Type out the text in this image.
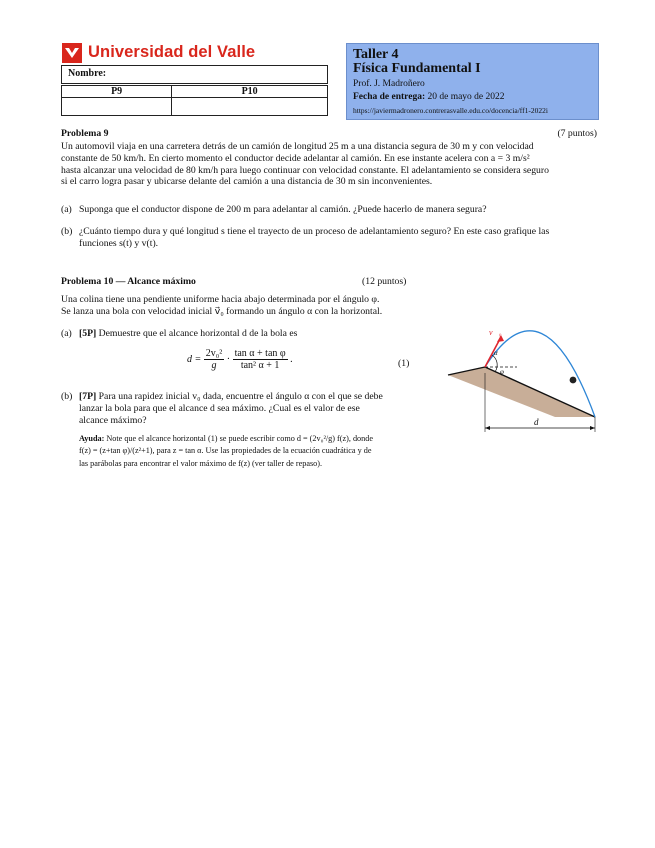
Universidad del Valle
Nombre:
P9	P10

Taller 4
Física Fundamental I
Prof. J. Madroñero
Fecha de entrega: 20 de mayo de 2022
https://javiermadronero.contrerasvalle.edu.co/docencia/ff1-2022i
Problema 9	(7 puntos)
Un automovil viaja en una carretera detrás de un camión de longitud 25 m a una distancia segura de 30 m y con velocidad
constante de 50 km/h. En cierto momento el conductor decide adelantar al camión. En ese instante acelera con a = 3 m/s²
hasta alcanzar una velocidad de 80 km/h para luego continuar con velocidad constante. El adelantamiento se considera seguro
si el carro logra pasar y ubicarse delante del camión a una distancia de 30 m sin inconvenientes.
(a) Suponga que el conductor dispone de 200 m para adelantar al camión. ¿Puede hacerlo de manera segura?
(b) ¿Cuánto tiempo dura y qué longitud s tiene el trayecto de un proceso de adelantamiento seguro? En este caso grafique las
funciones s(t) y v(t).
Problema 10 — Alcance máximo	(12 puntos)
Una colina tiene una pendiente uniforme hacia abajo determinada por el ángulo φ.
Se lanza una bola con velocidad inicial v⃗₀ formando un ángulo α con la horizontal.
(a) [5P] Demuestre que el alcance horizontal d de la bola es
$d = \frac{\text{2v₀²}}{g} \cdot \frac{\text{tan α + tan φ}}{\text{tan² α + 1}}$ .	(1)
(b) [7P] Para una rapidez inicial v₀ dada, encuentre el ángulo α con el que se debe
lanzar la bola para que el alcance d sea máximo. ¿Cual es el valor de ese
alcance máximo?
Ayuda: Note que el alcance horizontal (1) se puede escribir como d = (2v₀²/g) f(z), donde
f(z) = (z+tan φ)/(z²+1), para z = tan α. Use las propiedades de la ecuación cuadrática y de
las parábolas para encontrar el valor máximo de f(z) (ver taller de repaso).
v⃗₀
α
φ
d
